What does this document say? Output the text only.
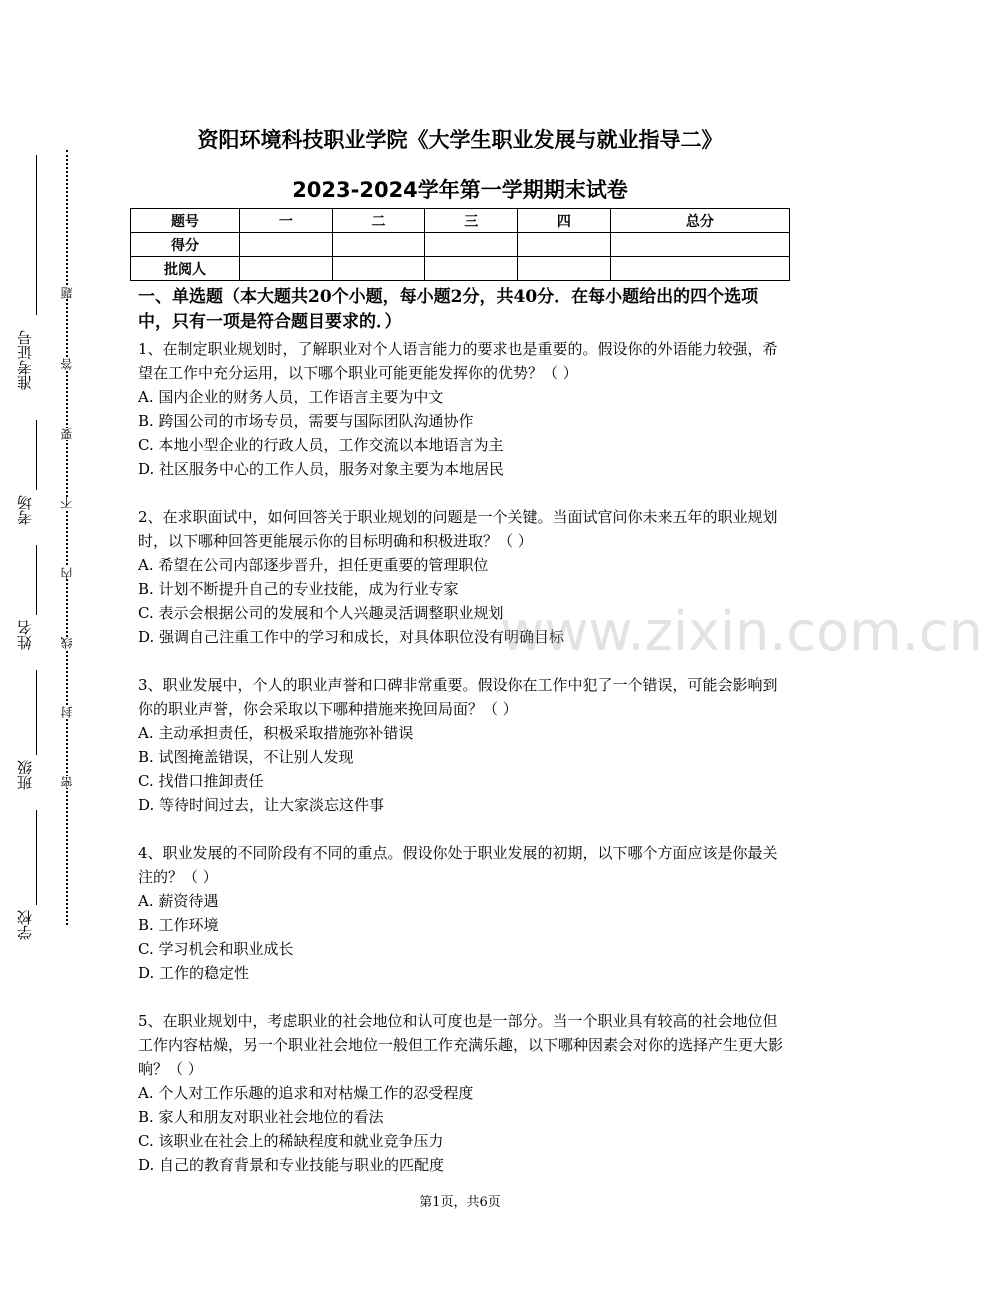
准考证号
考场
姓名
班级
学校
题
答
要
不
内
线
封
密
资阳环境科技职业学院《大学生职业发展与就业指导二》
2023-2024学年第一学期期末试卷
题号	一	二	三	四	总分
得分					
批阅人					

一、单选题（本大题共20个小题，每小题2分，共40分．在每小题给出的四个选项中，只有一项是符合题目要求的．）

1、在制定职业规划时，了解职业对个人语言能力的要求也是重要的。假设你的外语能力较强，希望在工作中充分运用，以下哪个职业可能更能发挥你的优势？（ ）

A. 国内企业的财务人员，工作语言主要为中文

B. 跨国公司的市场专员，需要与国际团队沟通协作

C. 本地小型企业的行政人员，工作交流以本地语言为主

D. 社区服务中心的工作人员，服务对象主要为本地居民

2、在求职面试中，如何回答关于职业规划的问题是一个关键。当面试官问你未来五年的职业规划时，以下哪种回答更能展示你的目标明确和积极进取？（ ）

A. 希望在公司内部逐步晋升，担任更重要的管理职位

B. 计划不断提升自己的专业技能，成为行业专家

C. 表示会根据公司的发展和个人兴趣灵活调整职业规划

D. 强调自己注重工作中的学习和成长，对具体职位没有明确目标

3、职业发展中，个人的职业声誉和口碑非常重要。假设你在工作中犯了一个错误，可能会影响到你的职业声誉，你会采取以下哪种措施来挽回局面？（ ）

A. 主动承担责任，积极采取措施弥补错误

B. 试图掩盖错误，不让别人发现

C. 找借口推卸责任

D. 等待时间过去，让大家淡忘这件事

4、职业发展的不同阶段有不同的重点。假设你处于职业发展的初期，以下哪个方面应该是你最关注的？（ ）

A. 薪资待遇

B. 工作环境

C. 学习机会和职业成长

D. 工作的稳定性

5、在职业规划中，考虑职业的社会地位和认可度也是一部分。当一个职业具有较高的社会地位但工作内容枯燥，另一个职业社会地位一般但工作充满乐趣，以下哪种因素会对你的选择产生更大影响？（ ）

A. 个人对工作乐趣的追求和对枯燥工作的忍受程度

B. 家人和朋友对职业社会地位的看法

C. 该职业在社会上的稀缺程度和就业竞争压力

D. 自己的教育背景和专业技能与职业的匹配度

www.zixin.com.cn
第1页，共6页
